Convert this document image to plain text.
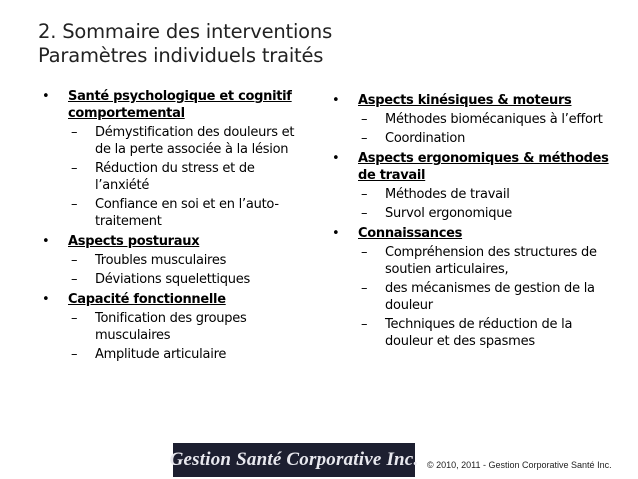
2. Sommaire des interventions
Paramètres individuels traités
• Santé psychologique et cognitif comportemental
– Démystification des douleurs et de la perte associée à la lésion
– Réduction du stress et de l’anxiété
– Confiance en soi et en l’auto-traitement
• Aspects posturaux
– Troubles musculaires
– Déviations squelettiques
• Capacité fonctionnelle
– Tonification des groupes musculaires
– Amplitude articulaire
• Aspects kinésiques & moteurs
– Méthodes biomécaniques à l’effort
– Coordination
• Aspects ergonomiques & méthodes de travail
– Méthodes de travail
– Survol ergonomique
• Connaissances
– Compréhension des structures de soutien articulaires,
– des mécanismes de gestion de la douleur
– Techniques de réduction de la douleur et des spasmes
Gestion Santé Corporative Inc. © 2010, 2011 - Gestion Corporative Santé Inc.
